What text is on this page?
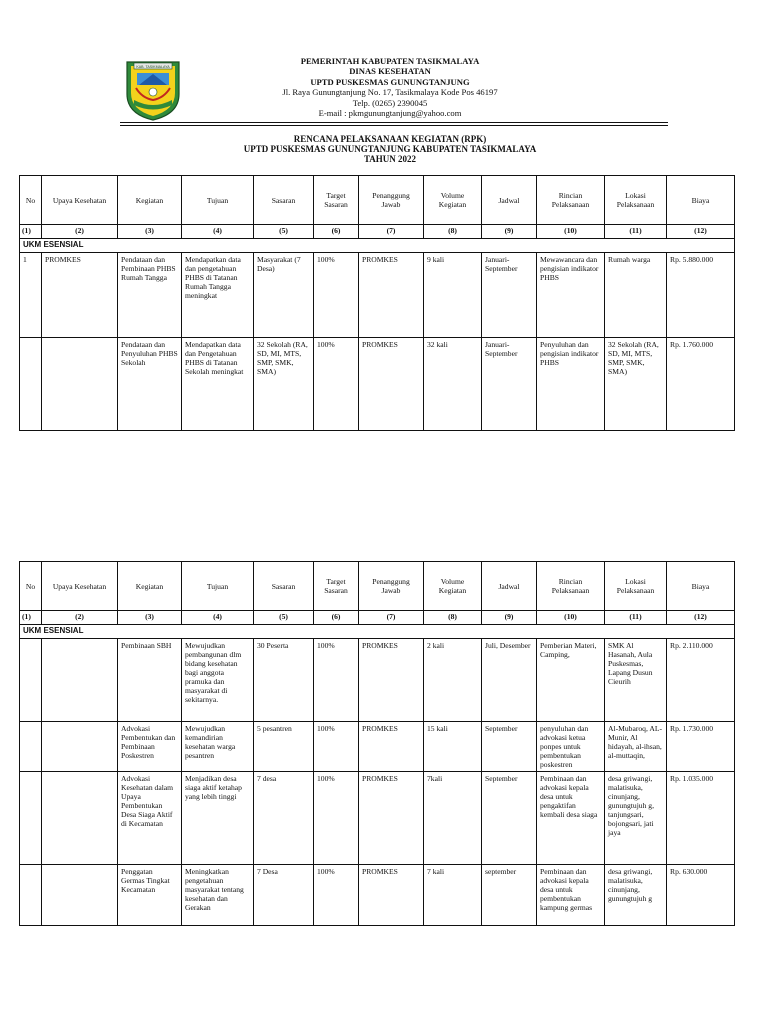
KAB. TASIKMALAYA
PEMERINTAH KABUPATEN TASIKMALAYA
DINAS KESEHATAN
UPTD PUSKESMAS GUNUNGTANJUNG
Jl. Raya Gunungtanjung No. 17, Tasikmalaya Kode Pos 46197
Telp. (0265) 2390045
E-mail : pkmgunungtanjung@yahoo.com
RENCANA PELAKSANAAN KEGIATAN (RPK)
UPTD PUSKESMAS GUNUNGTANJUNG KABUPATEN TASIKMALAYA
TAHUN 2022
No	Upaya Kesehatan	Kegiatan	Tujuan	Sasaran	Target Sasaran	Penanggung Jawab	Volume Kegiatan	Jadwal	Rincian Pelaksanaan	Lokasi Pelaksanaan	Biaya
(1)	(2)	(3)	(4)	(5)	(6)	(7)	(8)	(9)	(10)	(11)	(12)
UKM ESENSIAL											
1	PROMKES	Pendataan dan Pembinaan PHBS Rumah Tangga	Mendapatkan data dan pengetahuan PHBS di Tatanan Rumah Tangga meningkat	Masyarakat (7 Desa)	100%	PROMKES	9 kali	Januari-September	Mewawancara dan pengisian indikator PHBS	Rumah warga	Rp. 5.880.000
		Pendataan dan Penyuluhan PHBS Sekolah	Mendapatkan data dan Pengetahuan PHBS di Tatanan Sekolah meningkat	32 Sekolah (RA, SD, MI, MTS, SMP, SMK, SMA)	100%	PROMKES	32 kali	Januari-September	Penyuluhan dan pengisian indikator PHBS	32 Sekolah (RA, SD, MI, MTS, SMP, SMK, SMA)	Rp. 1.760.000
No	Upaya Kesehatan	Kegiatan	Tujuan	Sasaran	Target Sasaran	Penanggung Jawab	Volume Kegiatan	Jadwal	Rincian Pelaksanaan	Lokasi Pelaksanaan	Biaya
(1)	(2)	(3)	(4)	(5)	(6)	(7)	(8)	(9)	(10)	(11)	(12)
UKM ESENSIAL											
		Pembinaan SBH	Mewujudkan pembangunan dlm bidang kesehatan bagi anggota pramuka dan masyarakat di sekitarnya.	30 Peserta	100%	PROMKES	2 kali	Juli, Desember	Pemberian Materi, Camping,	SMK Al Hasanah, Aula Puskesmas, Lapang Dusun Cieurih	Rp. 2.110.000
		Advokasi Pembentukan dan Pembinaan Poskestren	Mewujudkan kemandirian kesehatan warga pesantren	5 pesantren	100%	PROMKES	15 kali	September	penyuluhan dan advokasi ketua ponpes untuk pembentukan poskestren	Al-Mubaroq, AL-Munir, Al hidayah, al-ihsan, al-muttaqin,	Rp. 1.730.000
		Advokasi Kesehatan dalam Upaya Pembentukan Desa Siaga Aktif di Kecamatan	Menjadikan desa siaga aktif ketahap yang lebih tinggi	7 desa	100%	PROMKES	7kali	September	Pembinaan dan advokasi kepala desa untuk pengaktifan kembali desa siaga	desa griwangi, malatisuka, cinunjang, gunungtujuh g, tanjungsari, bojongsari, jati jaya	Rp. 1.035.000
		Penggatan Germas Tingkat Kecamatan	Meningkatkan pengetahuan masyarakat tentang kesehatan dan Gerakan	7 Desa	100%	PROMKES	7 kali	september	Pembinaan dan advokasi kepala desa untuk pembentukan kampung germas	desa griwangi, malatisuka, cinunjang, gunungtujuh g	Rp. 630.000
